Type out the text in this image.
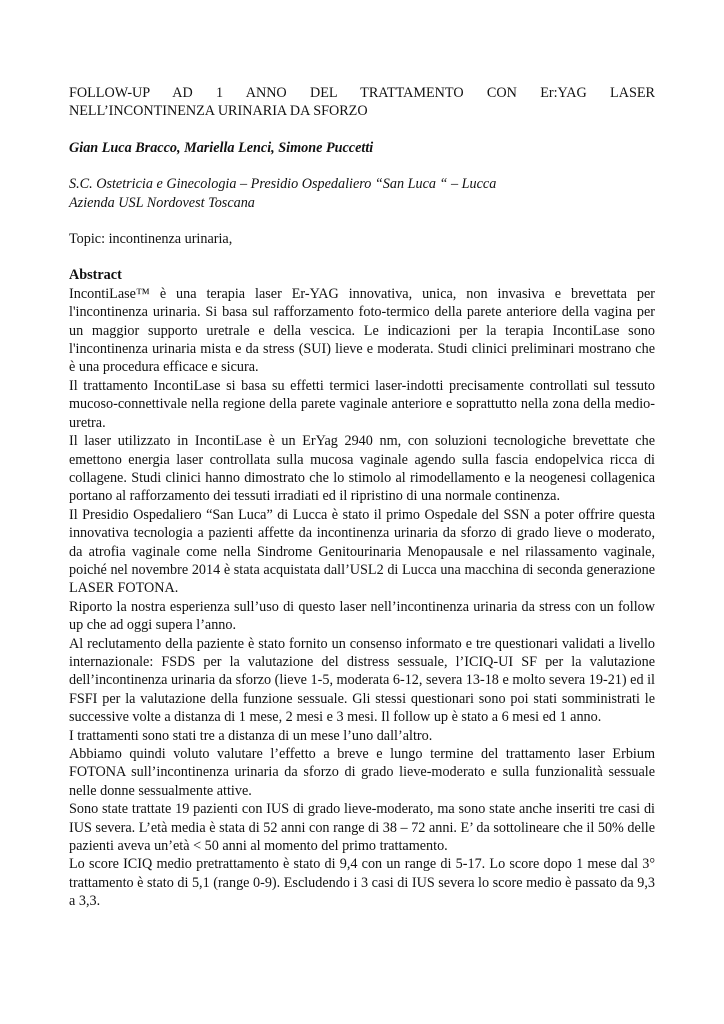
FOLLOW-UP AD 1 ANNO DEL TRATTAMENTO CON Er:YAG LASER
NELL’INCONTINENZA URINARIA DA SFORZO
Gian Luca Bracco, Mariella Lenci, Simone Puccetti
S.C. Ostetricia e Ginecologia – Presidio Ospedaliero “San Luca “ – Lucca
Azienda USL Nordovest Toscana
Topic: incontinenza urinaria,
Abstract
IncontiLase™ è una terapia laser Er-YAG innovativa, unica, non invasiva e brevettata per l'incontinenza urinaria. Si basa sul rafforzamento foto-termico della parete anteriore della vagina per un maggior supporto uretrale e della vescica. Le indicazioni per la terapia IncontiLase sono l'incontinenza urinaria mista e da stress (SUI) lieve e moderata. Studi clinici preliminari mostrano che è una procedura efficace e sicura.
Il trattamento IncontiLase si basa su effetti termici laser-indotti precisamente controllati sul tessuto mucoso-connettivale nella regione della parete vaginale anteriore e soprattutto nella zona della medio-uretra.
Il laser utilizzato in IncontiLase è un ErYag 2940 nm, con soluzioni tecnologiche brevettate che emettono energia laser controllata sulla mucosa vaginale agendo sulla fascia endopelvica ricca di collagene. Studi clinici hanno dimostrato che lo stimolo al rimodellamento e la neogenesi collagenica portano al rafforzamento dei tessuti irradiati ed il ripristino di una normale continenza.
Il Presidio Ospedaliero “San Luca” di Lucca è stato il primo Ospedale del SSN a poter offrire questa innovativa tecnologia a pazienti affette da incontinenza urinaria da sforzo di grado lieve o moderato, da atrofia vaginale come nella Sindrome Genitourinaria Menopausale e nel rilassamento vaginale, poiché nel novembre 2014 è stata acquistata dall’USL2 di Lucca una macchina di seconda generazione LASER FOTONA.
Riporto la nostra esperienza sull’uso di questo laser nell’incontinenza urinaria da stress con un follow up che ad oggi supera l’anno.
Al reclutamento della paziente è stato fornito un consenso informato e tre questionari validati a livello internazionale: FSDS per la valutazione del distress sessuale, l’ICIQ-UI SF per la valutazione dell’incontinenza urinaria da sforzo (lieve 1-5, moderata 6-12, severa 13-18 e molto severa 19-21) ed il FSFI per la valutazione della funzione sessuale. Gli stessi questionari sono poi stati somministrati le successive volte a distanza di 1 mese, 2 mesi e 3 mesi. Il follow up è stato a 6 mesi ed 1 anno.
I trattamenti sono stati tre a distanza di un mese l’uno dall’altro.
Abbiamo quindi voluto valutare l’effetto a breve e lungo termine del trattamento laser Erbium FOTONA sull’incontinenza urinaria da sforzo di grado lieve-moderato e sulla funzionalità sessuale nelle donne sessualmente attive.
Sono state trattate 19 pazienti con IUS di grado lieve-moderato, ma sono state anche inseriti tre casi di IUS severa. L’età media è stata di 52 anni con range di 38 – 72 anni. E’ da sottolineare che il 50% delle pazienti aveva un’età < 50 anni al momento del primo trattamento.
Lo score ICIQ medio pretrattamento è stato di 9,4 con un range di 5-17. Lo score dopo 1 mese dal 3° trattamento è stato di 5,1 (range 0-9). Escludendo i 3 casi di IUS severa lo score medio è passato da 9,3 a 3,3.
